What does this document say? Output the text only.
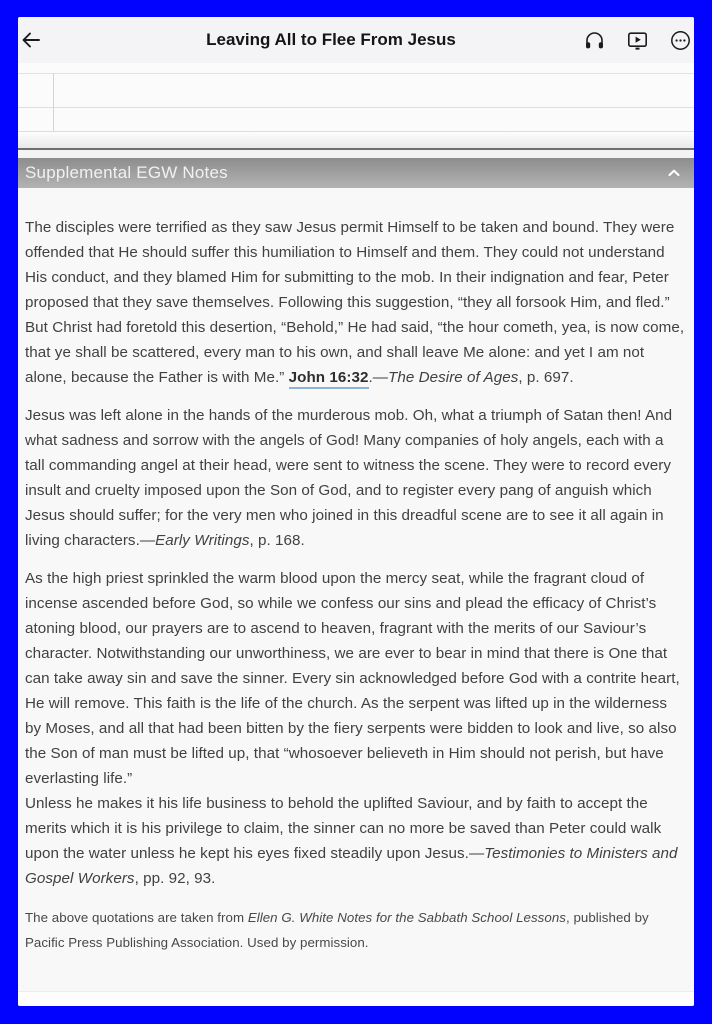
Leaving All to Flee From Jesus
Supplemental EGW Notes

The disciples were terrified as they saw Jesus permit Himself to be taken and bound. They were offended that He should suffer this humiliation to Himself and them. They could not understand His conduct, and they blamed Him for submitting to the mob. In their indignation and fear, Peter proposed that they save themselves. Following this suggestion, “they all forsook Him, and fled.” But Christ had foretold this desertion, “Behold,” He had said, “the hour cometh, yea, is now come, that ye shall be scattered, every man to his own, and shall leave Me alone: and yet I am not alone, because the Father is with Me.” John 16:32.—The Desire of Ages, p. 697.

Jesus was left alone in the hands of the murderous mob. Oh, what a triumph of Satan then! And what sadness and sorrow with the angels of God! Many companies of holy angels, each with a tall commanding angel at their head, were sent to witness the scene. They were to record every insult and cruelty imposed upon the Son of God, and to register every pang of anguish which Jesus should suffer; for the very men who joined in this dreadful scene are to see it all again in living characters.—Early Writings, p. 168.

As the high priest sprinkled the warm blood upon the mercy seat, while the fragrant cloud of incense ascended before God, so while we confess our sins and plead the efficacy of Christ’s atoning blood, our prayers are to ascend to heaven, fragrant with the merits of our Saviour’s character. Notwithstanding our unworthiness, we are ever to bear in mind that there is One that can take away sin and save the sinner. Every sin acknowledged before God with a contrite heart, He will remove. This faith is the life of the church. As the serpent was lifted up in the wilderness by Moses, and all that had been bitten by the fiery serpents were bidden to look and live, so also the Son of man must be lifted up, that “whosoever believeth in Him should not perish, but have everlasting life.”
Unless he makes it his life business to behold the uplifted Saviour, and by faith to accept the merits which it is his privilege to claim, the sinner can no more be saved than Peter could walk upon the water unless he kept his eyes fixed steadily upon Jesus.—Testimonies to Ministers and Gospel Workers, pp. 92, 93.

The above quotations are taken from Ellen G. White Notes for the Sabbath School Lessons, published by Pacific Press Publishing Association. Used by permission.
